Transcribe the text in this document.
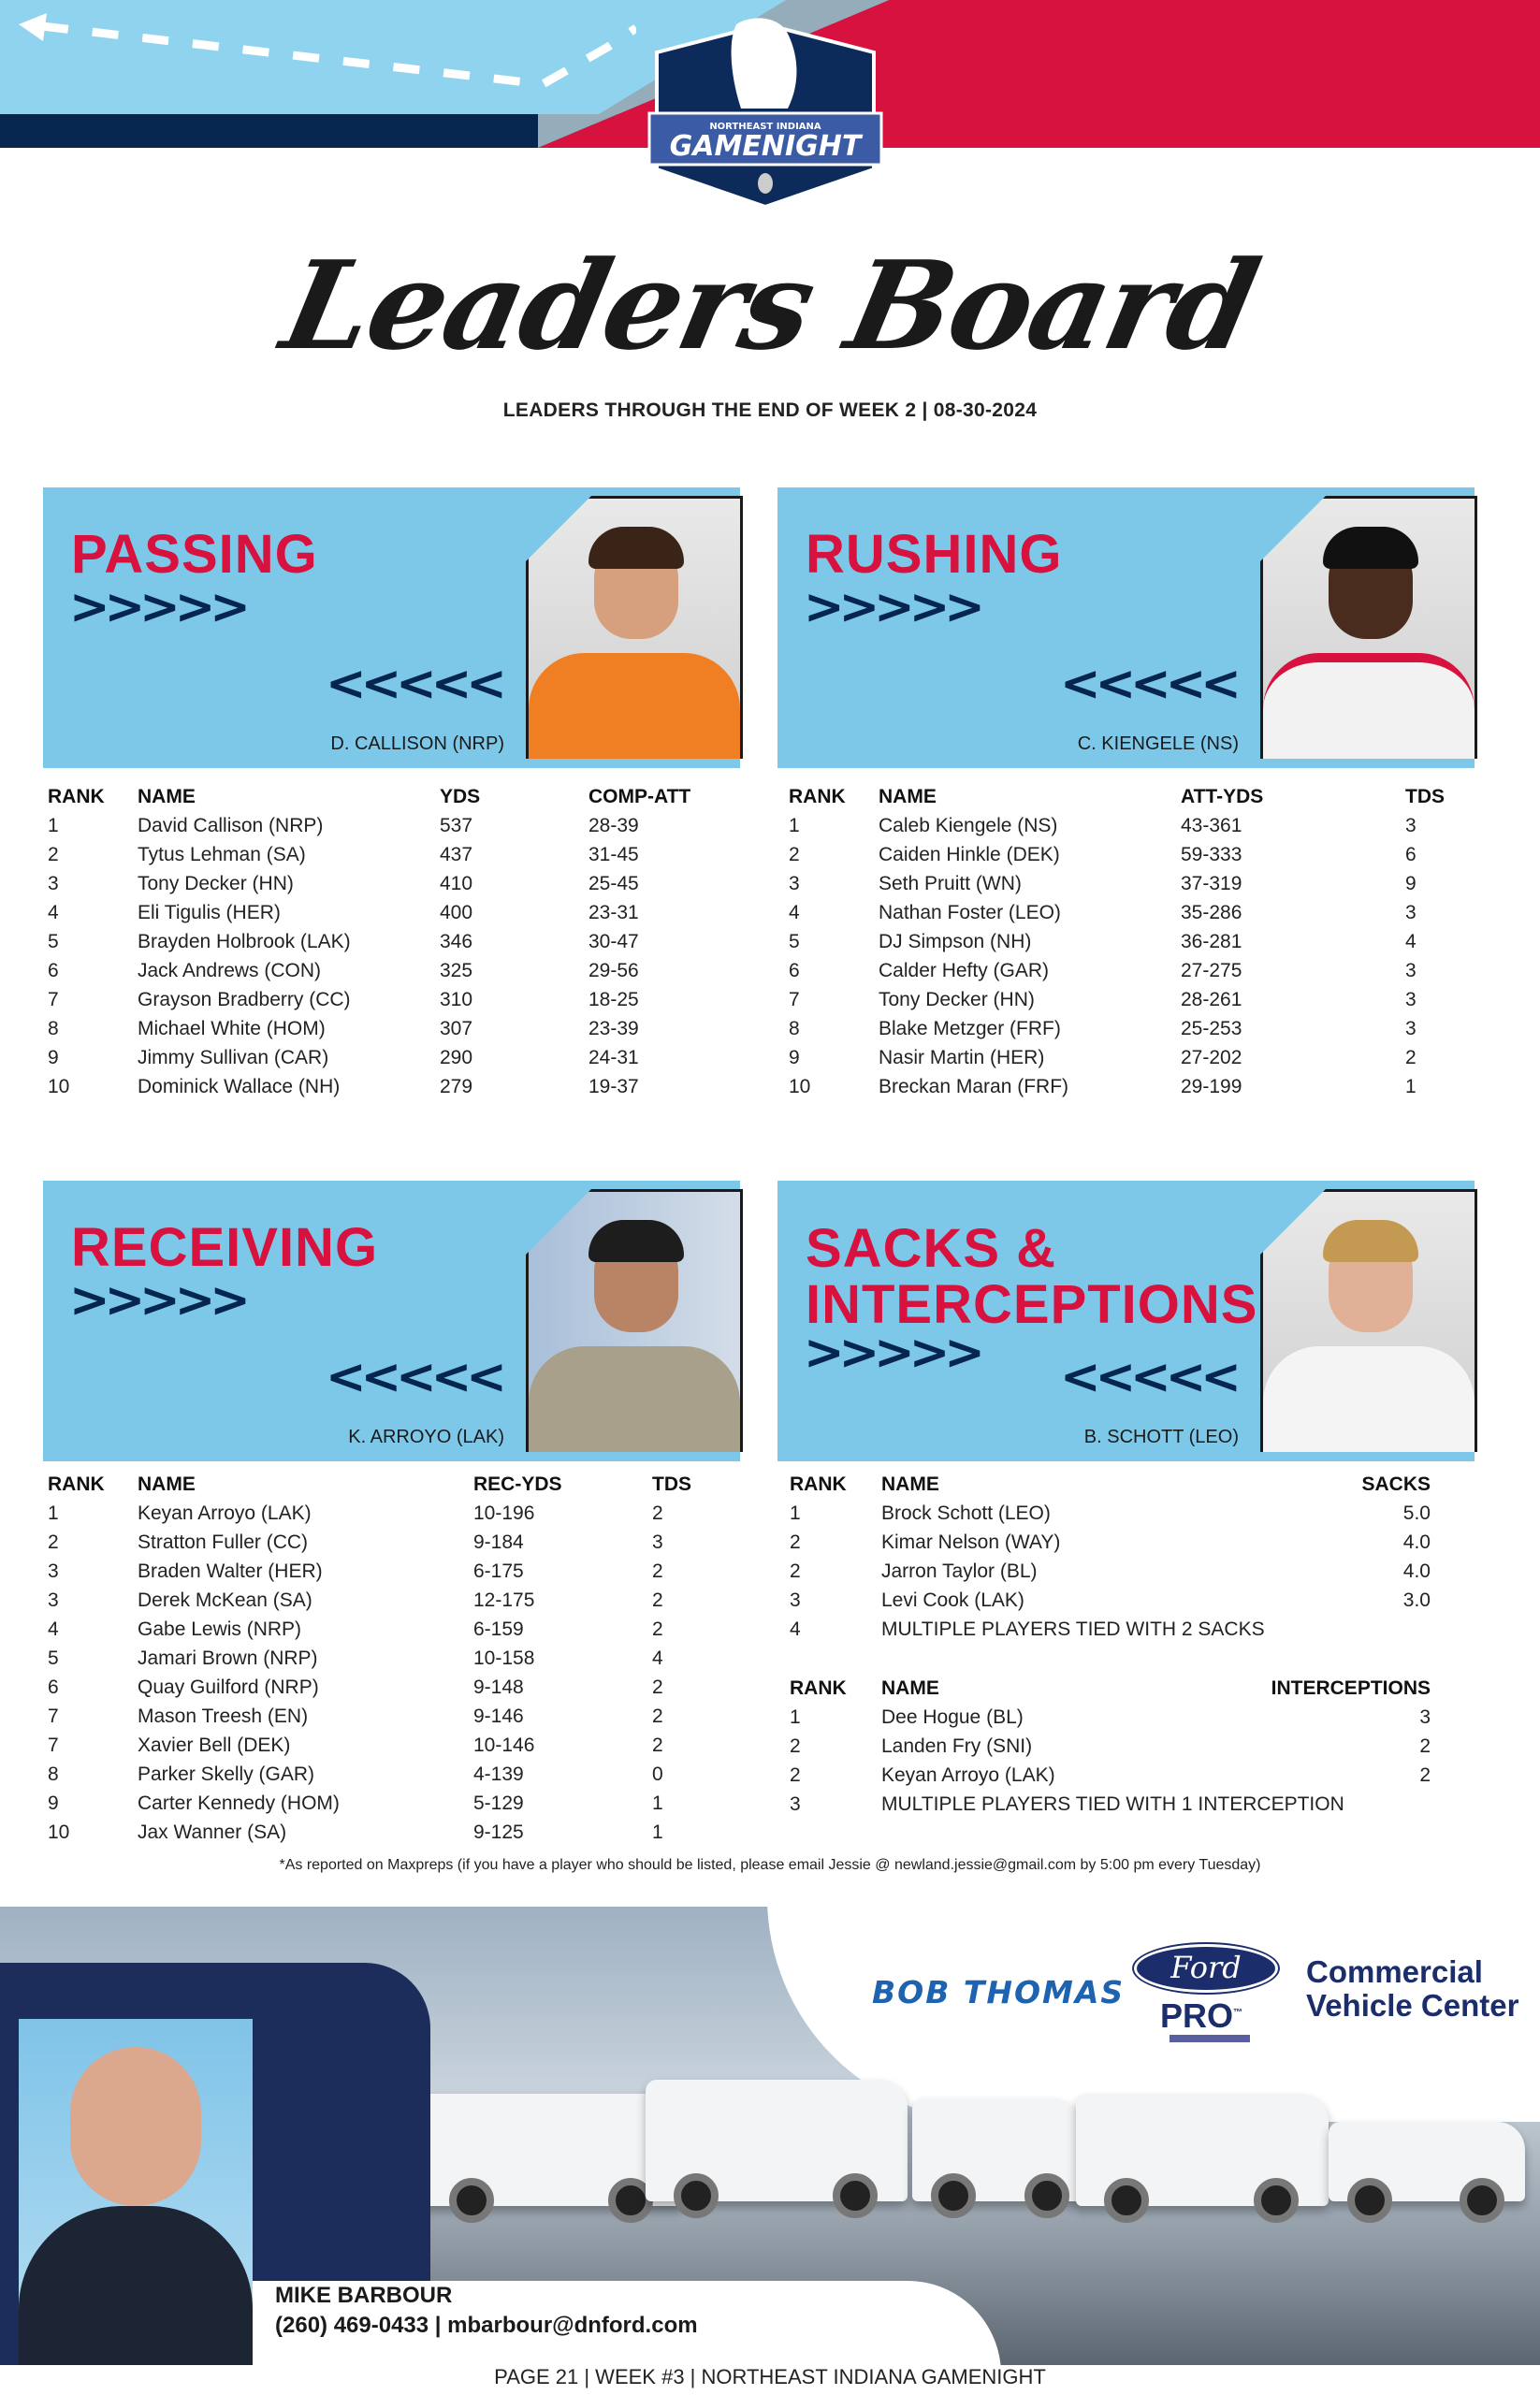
NORTHEAST INDIANA
GAMENIGHT
Leaders Board
LEADERS THROUGH THE END OF WEEK 2 | 08-30-2024
PASSING
>>>>>
<<<<<
D. CALLISON (NRP)
RUSHING
>>>>>
<<<<<
C. KIENGELE (NS)
RECEIVING
>>>>>
<<<<<
K. ARROYO (LAK)
SACKS &
INTERCEPTIONS
>>>>> <<<<<
B. SCHOTT (LEO)
RANK NAME	YDS	COMP-ATT
1	David Callison (NRP)	537	28-39
2	Tytus Lehman (SA)	437	31-45
3	Tony Decker (HN)	410	25-45
4	Eli Tigulis (HER)	400	23-31
5	Brayden Holbrook (LAK)	346	30-47
6	Jack Andrews (CON)	325	29-56
7	Grayson Bradberry (CC)	310	18-25
8	Michael White (HOM)	307	23-39
9	Jimmy Sullivan (CAR)	290	24-31
10	Dominick Wallace (NH)	279	19-37
RANK NAME	ATT-YDS	TDS
1	Caleb Kiengele (NS)	43-361	3
2	Caiden Hinkle (DEK)	59-333	6
3	Seth Pruitt (WN)	37-319	9
4	Nathan Foster (LEO)	35-286	3
5	DJ Simpson (NH)	36-281	4
6	Calder Hefty (GAR)	27-275	3
7	Tony Decker (HN)	28-261	3
8	Blake Metzger (FRF)	25-253	3
9	Nasir Martin (HER)	27-202	2
10	Breckan Maran (FRF)	29-199	1
RANK NAME	REC-YDS	TDS
1	Keyan Arroyo (LAK)	10-196	2
2	Stratton Fuller (CC)	9-184	3
3	Braden Walter (HER)	6-175	2
3	Derek McKean (SA)	12-175	2
4	Gabe Lewis (NRP)	6-159	2
5	Jamari Brown (NRP)	10-158	4
6	Quay Guilford (NRP)	9-148	2
7	Mason Treesh (EN)	9-146	2
7	Xavier Bell (DEK)	10-146	2
8	Parker Skelly (GAR)	4-139	0
9	Carter Kennedy (HOM)	5-129	1
10	Jax Wanner (SA)	9-125	1
RANK NAME	SACKS
1	Brock Schott (LEO)	5.0
2	Kimar Nelson (WAY)	4.0
2	Jarron Taylor (BL)	4.0
3	Levi Cook (LAK)	3.0
4	MULTIPLE PLAYERS TIED WITH 2 SACKS
RANK NAME	INTERCEPTIONS
1	Dee Hogue (BL)	3
2	Landen Fry (SNI)	2
2	Keyan Arroyo (LAK)	2
3	MULTIPLE PLAYERS TIED WITH 1 INTERCEPTION
*As reported on Maxpreps (if you have a player who should be listed, please email Jessie @ newland.jessie@gmail.com by 5:00 pm every Tuesday)
BOB THOMAS
Ford
PRO™
Commercial
Vehicle Center
MIKE BARBOUR
(260) 469-0433 | mbarbour@dnford.com
PAGE 21 | WEEK #3 | NORTHEAST INDIANA GAMENIGHT
